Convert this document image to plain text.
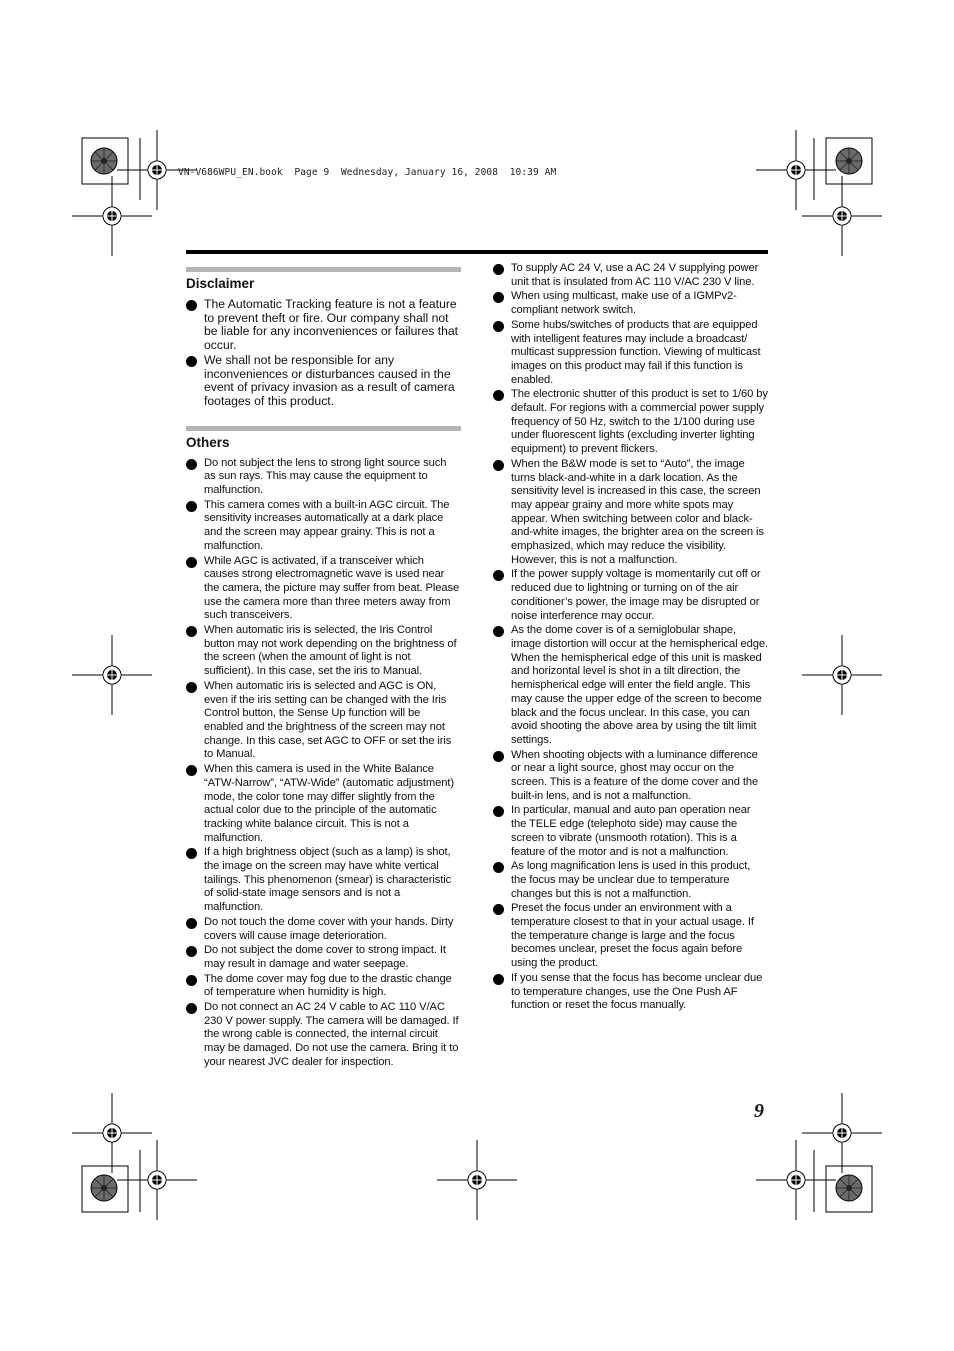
VN-V686WPU_EN.book  Page 9  Wednesday, January 16, 2008  10:39 AM
Disclaimer
The Automatic Tracking feature is not a feature to prevent theft or fire. Our company shall not be liable for any inconveniences or failures that occur.
We shall not be responsible for any inconveniences or disturbances caused in the event of privacy invasion as a result of camera footages of this product.
Others
Do not subject the lens to strong light source such as sun rays. This may cause the equipment to malfunction.
This camera comes with a built-in AGC circuit. The sensitivity increases automatically at a dark place and the screen may appear grainy. This is not a malfunction.
While AGC is activated, if a transceiver which causes strong electromagnetic wave is used near the camera, the picture may suffer from beat. Please use the camera more than three meters away from such transceivers.
When automatic iris is selected, the Iris Control button may not work depending on the brightness of the screen (when the amount of light is not sufficient). In this case, set the iris to Manual.
When automatic iris is selected and AGC is ON, even if the iris setting can be changed with the Iris Control button, the Sense Up function will be enabled and the brightness of the screen may not change. In this case, set AGC to OFF or set the iris to Manual.
When this camera is used in the White Balance “ATW-Narrow”, “ATW-Wide” (automatic adjustment) mode, the color tone may differ slightly from the actual color due to the principle of the automatic tracking white balance circuit. This is not a malfunction.
If a high brightness object (such as a lamp) is shot, the image on the screen may have white vertical tailings. This phenomenon (smear) is characteristic of solid-state image sensors and is not a malfunction.
Do not touch the dome cover with your hands. Dirty covers will cause image deterioration.
Do not subject the dome cover to strong impact. It may result in damage and water seepage.
The dome cover may fog due to the drastic change of temperature when humidity is high.
Do not connect an AC 24 V cable to AC 110 V/AC 230 V power supply. The camera will be damaged. If the wrong cable is connected, the internal circuit may be damaged. Do not use the camera. Bring it to your nearest JVC dealer for inspection.
To supply AC 24 V, use a AC 24 V supplying power unit that is insulated from AC 110 V/AC 230 V line.
When using multicast, make use of a IGMPv2-compliant network switch.
Some hubs/switches of products that are equipped with intelligent features may include a broadcast/ multicast suppression function. Viewing of multicast images on this product may fail if this function is enabled.
The electronic shutter of this product is set to 1/60 by default. For regions with a commercial power supply frequency of 50 Hz, switch to the 1/100 during use under fluorescent lights (excluding inverter lighting equipment) to prevent flickers.
When the B&W mode is set to “Auto”, the image turns black-and-white in a dark location. As the sensitivity level is increased in this case, the screen may appear grainy and more white spots may appear. When switching between color and black-and-white images, the brighter area on the screen is emphasized, which may reduce the visibility. However, this is not a malfunction.
If the power supply voltage is momentarily cut off or reduced due to lightning or turning on of the air conditioner’s power, the image may be disrupted or noise interference may occur.
As the dome cover is of a semiglobular shape, image distortion will occur at the hemispherical edge. When the hemispherical edge of this unit is masked and horizontal level is shot in a tilt direction, the hemispherical edge will enter the field angle. This may cause the upper edge of the screen to become black and the focus unclear. In this case, you can avoid shooting the above area by using the tilt limit settings.
When shooting objects with a luminance difference or near a light source, ghost may occur on the screen. This is a feature of the dome cover and the built-in lens, and is not a malfunction.
In particular, manual and auto pan operation near the TELE edge (telephoto side) may cause the screen to vibrate (unsmooth rotation). This is a feature of the motor and is not a malfunction.
As long magnification lens is used in this product, the focus may be unclear due to temperature changes but this is not a malfunction.
Preset the focus under an environment with a temperature closest to that in your actual usage. If the temperature change is large and the focus becomes unclear, preset the focus again before using the product.
If you sense that the focus has become unclear due to temperature changes, use the One Push AF function or reset the focus manually.
9
